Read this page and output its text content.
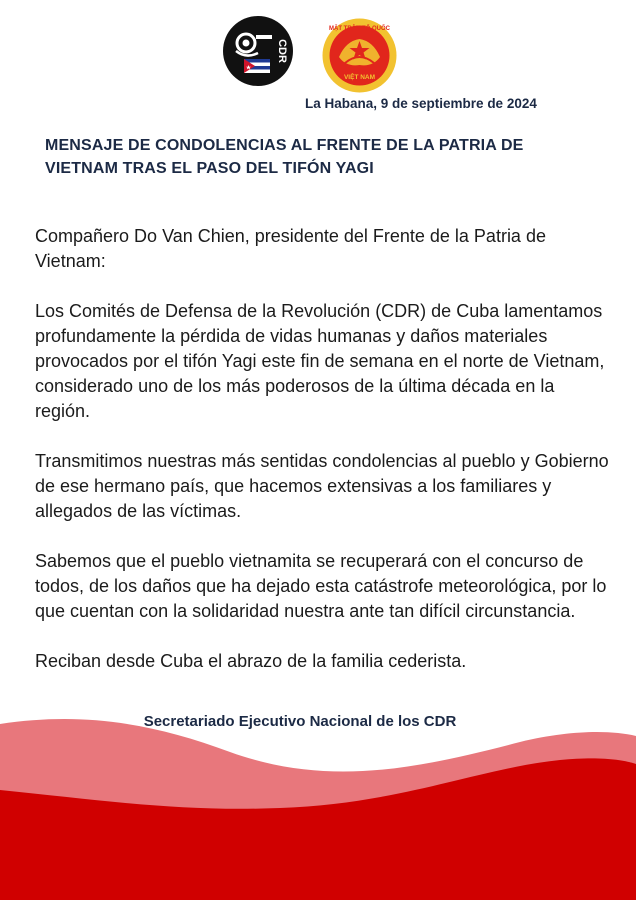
CDR
MẶT TRẬN TỔ QUỐC
VIỆT NAM
La Habana, 9 de septiembre de 2024
MENSAJE DE CONDOLENCIAS AL FRENTE DE LA PATRIA DE
VIETNAM TRAS EL PASO DEL TIFÓN YAGI

Compañero Do Van Chien, presidente del Frente de la Patria de Vietnam:

Los Comités de Defensa de la Revolución (CDR) de Cuba lamentamos profundamente la pérdida de vidas humanas y daños materiales provocados por el tifón Yagi este fin de semana en el norte de Vietnam, considerado uno de los más poderosos de la última década en la región.

Transmitimos nuestras más sentidas condolencias al pueblo y Gobierno de ese hermano país, que hacemos extensivas a los familiares y allegados de las víctimas.

Sabemos que el pueblo vietnamita se recuperará con el concurso de todos, de los daños que ha dejado esta catástrofe meteorológica, por lo que cuentan con la solidaridad nuestra ante tan difícil circunstancia.

Reciban desde Cuba el abrazo de la familia cederista.

Secretariado Ejecutivo Nacional de los CDR
